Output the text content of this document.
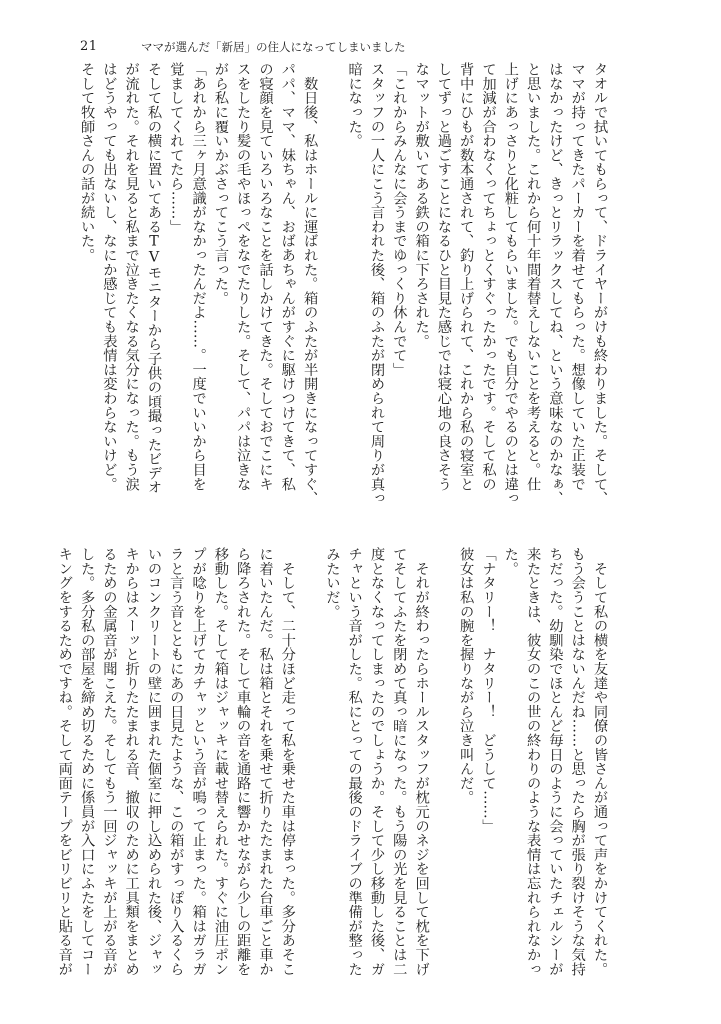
21	ママが選んだ「新居」の住人になってしまいました
タオルで拭いてもらって、ドライヤーがけも終わりました。そして、
ママが持ってきたパーカーを着せてもらった。想像していた正装で
はなかったけど、きっとリラックスしてね、という意味なのかなぁ、
と思いました。これから何十年間着替えしないことを考えると。仕
上げにあっさりと化粧してもらいました。でも自分でやるのとは違っ
て加減が合わなくってちょっとくすぐったかったです。そして私の
背中にひもが数本通されて、釣り上げられて、これから私の寝室と
してずっと過ごすことになるひと目見た感じでは寝心地の良さそう
なマットが敷いてある鉄の箱に下ろされた。
「これからみんなに会うまでゆっくり休んでて」
スタッフの一人にこう言われた後、箱のふたが閉められて周りが真っ
暗になった。
　数日後、私はホールに運ばれた。箱のふたが半開きになってすぐ、
パパ、ママ、妹ちゃん、おばあちゃんがすぐに駆けつけてきて、私
の寝顔を見ていろいろなことを話しかけてきた。そしておでこにキ
スをしたり髪の毛やほっぺをなでたりした。そして、パパは泣きな
がら私に覆いかぶさってこう言った。
「あれから三ヶ月意識がなかったんだよ……。一度でいいから目を
覚ましてくれてたら……」
そして私の横に置いてあるTVモニターから子供の頃撮ったビデオ
が流れた。それを見ると私まで泣きたくなる気分になった。もう涙
はどうやっても出ないし、なにか感じても表情は変わらないけど。
そして牧師さんの話が続いた。
　そして私の横を友達や同僚の皆さんが通って声をかけてくれた。
もう会うことはないんだね……と思ったら胸が張り裂けそうな気持
ちだった。幼馴染でほとんど毎日のように会っていたチェルシーが
来たときは、彼女のこの世の終わりのような表情は忘れられなかっ
た。
「ナタリー！　ナタリー！　どうして……」
彼女は私の腕を握りながら泣き叫んだ。
　それが終わったらホールスタッフが枕元のネジを回して枕を下げ
てそしてふたを閉めて真っ暗になった。もう陽の光を見ることは二
度となくなってしまったのでしょうか。そして少し移動した後、ガ
チャという音がした。私にとっての最後のドライブの準備が整った
みたいだ。
　そして、二十分ほど走って私を乗せた車は停まった。多分あそこ
に着いたんだ。私は箱とそれを乗せて折りたたまれた台車ごと車か
ら降ろされた。そして車輪の音を通路に響かせながら少しの距離を
移動した。そして箱はジャッキに載せ替えられた。すぐに油圧ポン
プが唸りを上げてカチャッという音が鳴って止まった。箱はガラガ
ラと言う音とともにあの日見たような、この箱がすっぽり入るくら
いのコンクリートの壁に囲まれた個室に押し込められた後、ジャッ
キからはスーッと折りたたまれる音、撤収のために工具類をまとめ
るための金属音が聞こえた。そしてもう一回ジャッキが上がる音が
した。多分私の部屋を締め切るために係員が入口にふたをしてコー
キングをするためですね。そして両面テープをビリビリと貼る音が
